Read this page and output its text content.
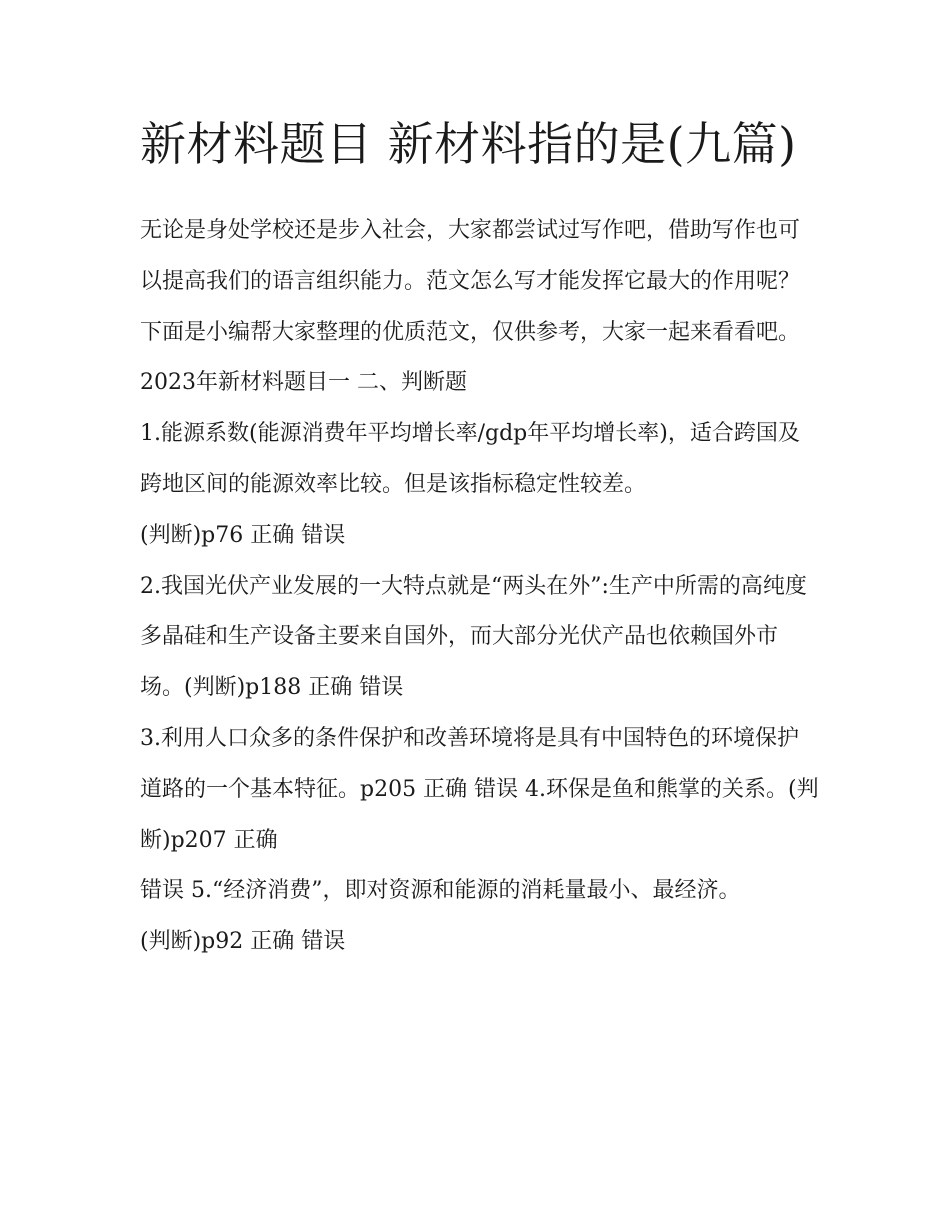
新材料题目 新材料指的是(九篇)

无论是身处学校还是步入社会，大家都尝试过写作吧，借助写作也可以提高我们的语言组织能力。范文怎么写才能发挥它最大的作用呢？下面是小编帮大家整理的优质范文，仅供参考，大家一起来看看吧。

2023年新材料题目一 二、判断题

1.能源系数(能源消费年平均增长率/gdp年平均增长率)，适合跨国及跨地区间的能源效率比较。但是该指标稳定性较差。

(判断)p76 正确 错误

2.我国光伏产业发展的一大特点就是“两头在外”:生产中所需的高纯度多晶硅和生产设备主要来自国外，而大部分光伏产品也依赖国外市场。(判断)p188 正确 错误

3.利用人口众多的条件保护和改善环境将是具有中国特色的环境保护道路的一个基本特征。p205 正确 错误 4.环保是鱼和熊掌的关系。(判断)p207 正确

错误 5.“经济消费”，即对资源和能源的消耗量最小、最经济。

(判断)p92 正确 错误
